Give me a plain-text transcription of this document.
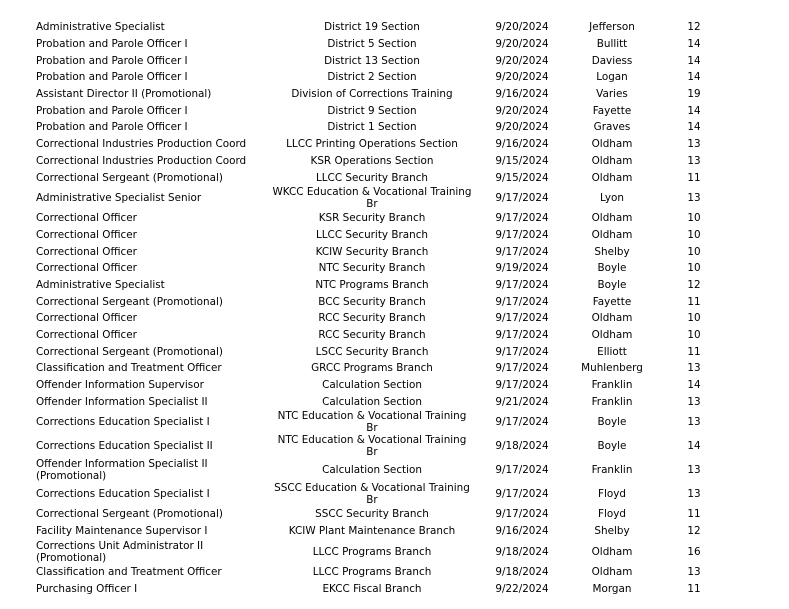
Administrative Specialist	District 19 Section	9/20/2024	Jefferson	12
Probation and Parole Officer I	District 5 Section	9/20/2024	Bullitt	14
Probation and Parole Officer I	District 13 Section	9/20/2024	Daviess	14
Probation and Parole Officer I	District 2 Section	9/20/2024	Logan	14
Assistant Director II (Promotional)	Division of Corrections Training	9/16/2024	Varies	19
Probation and Parole Officer I	District 9 Section	9/20/2024	Fayette	14
Probation and Parole Officer I	District 1 Section	9/20/2024	Graves	14
Correctional Industries Production Coord	LLCC Printing Operations Section	9/16/2024	Oldham	13
Correctional Industries Production Coord	KSR Operations Section	9/15/2024	Oldham	13
Correctional Sergeant (Promotional)	LLCC Security Branch	9/15/2024	Oldham	11
Administrative Specialist Senior	WKCC Education & Vocational Training Br	9/17/2024	Lyon	13
Correctional Officer	KSR Security Branch	9/17/2024	Oldham	10
Correctional Officer	LLCC Security Branch	9/17/2024	Oldham	10
Correctional Officer	KCIW Security Branch	9/17/2024	Shelby	10
Correctional Officer	NTC Security Branch	9/19/2024	Boyle	10
Administrative Specialist	NTC Programs Branch	9/17/2024	Boyle	12
Correctional Sergeant (Promotional)	BCC Security Branch	9/17/2024	Fayette	11
Correctional Officer	RCC Security Branch	9/17/2024	Oldham	10
Correctional Officer	RCC Security Branch	9/17/2024	Oldham	10
Correctional Sergeant (Promotional)	LSCC Security Branch	9/17/2024	Elliott	11
Classification and Treatment Officer	GRCC Programs Branch	9/17/2024	Muhlenberg	13
Offender Information Supervisor	Calculation Section	9/17/2024	Franklin	14
Offender Information Specialist II	Calculation Section	9/21/2024	Franklin	13
Corrections Education Specialist I	NTC Education & Vocational Training Br	9/17/2024	Boyle	13
Corrections Education Specialist II	NTC Education & Vocational Training Br	9/18/2024	Boyle	14
Offender Information Specialist II (Promotional)	Calculation Section	9/17/2024	Franklin	13
Corrections Education Specialist I	SSCC Education & Vocational Training Br	9/17/2024	Floyd	13
Correctional Sergeant (Promotional)	SSCC Security Branch	9/17/2024	Floyd	11
Facility Maintenance Supervisor I	KCIW Plant Maintenance Branch	9/16/2024	Shelby	12
Corrections Unit Administrator II (Promotional)	LLCC Programs Branch	9/18/2024	Oldham	16
Classification and Treatment Officer	LLCC Programs Branch	9/18/2024	Oldham	13
Purchasing Officer I	EKCC Fiscal Branch	9/22/2024	Morgan	11
